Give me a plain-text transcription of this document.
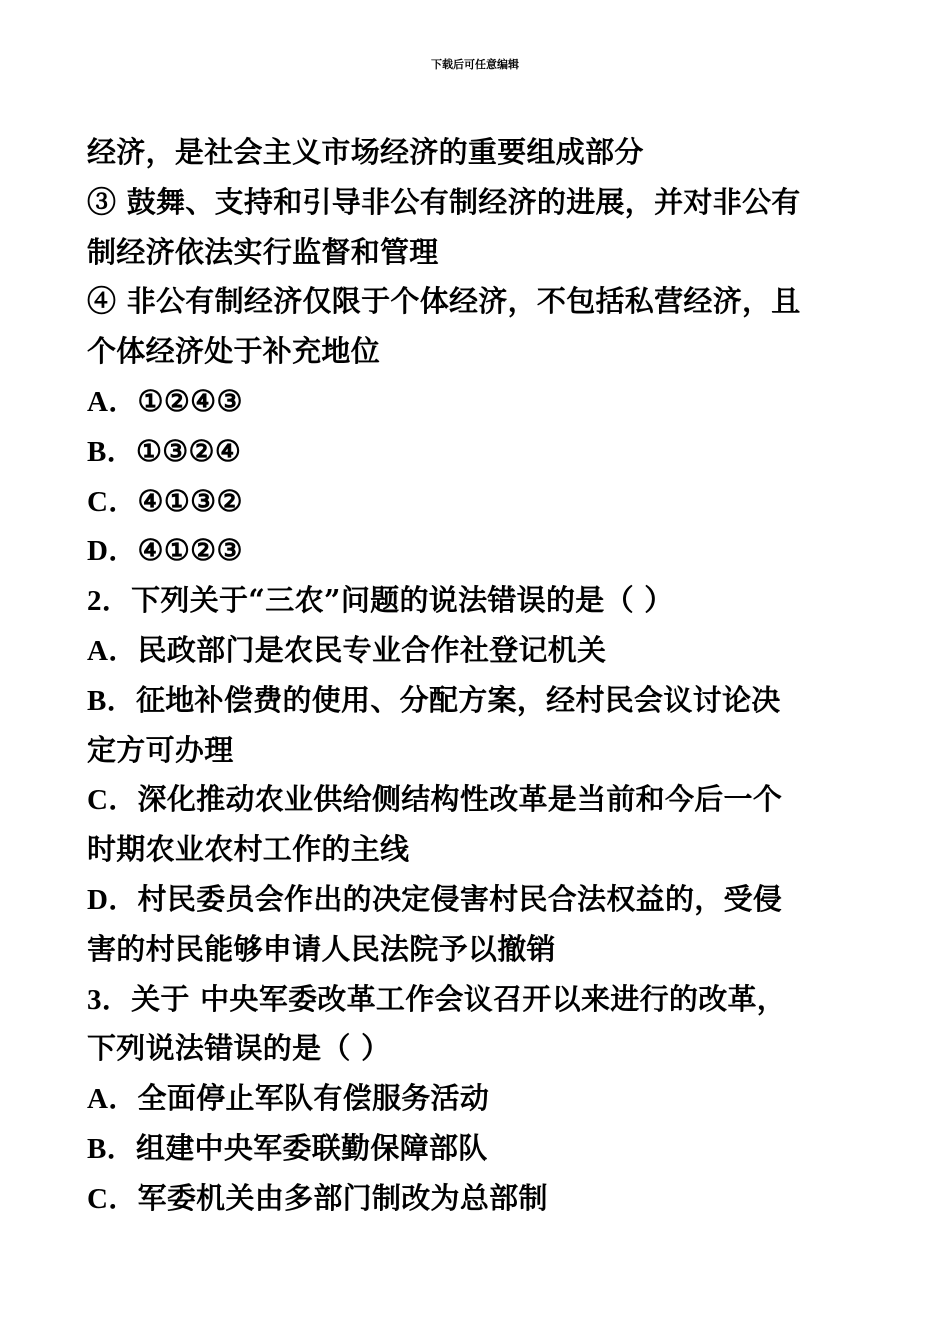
下载后可任意编辑
经济，是社会主义市场经济的重要组成部分
③ 鼓舞、支持和引导非公有制经济的进展，并对非公有
制经济依法实行监督和管理
④ 非公有制经济仅限于个体经济，不包括私营经济，且
个体经济处于补充地位
A．①②④③
B．①③②④
C．④①③②
D．④①②③
2．下列关于“三农”问题的说法错误的是（ ）
A．民政部门是农民专业合作社登记机关
B．征地补偿费的使用、分配方案，经村民会议讨论决
定方可办理
C．深化推动农业供给侧结构性改革是当前和今后一个
时期农业农村工作的主线
D．村民委员会作出的决定侵害村民合法权益的，受侵
害的村民能够申请人民法院予以撤销
3．关于 中央军委改革工作会议召开以来进行的改革，
下列说法错误的是（ ）
A．全面停止军队有偿服务活动
B．组建中央军委联勤保障部队
C．军委机关由多部门制改为总部制
